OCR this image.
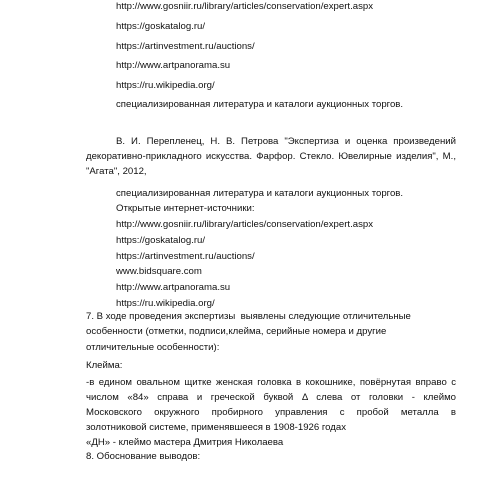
http://www.gosniir.ru/library/articles/conservation/expert.aspx
https://goskatalog.ru/
https://artinvestment.ru/auctions/
http://www.artpanorama.su
https://ru.wikipedia.org/
специализированная литература и каталоги аукционных торгов.
В. И. Перепленец, Н. В. Петрова "Экспертиза и оценка произведений
декоративно-прикладного искусства. Фарфор. Стекло. Ювелирные изделия", М.,
"Агата", 2012,
специализированная литература и каталоги аукционных торгов.
Открытые интернет-источники:
http://www.gosniir.ru/library/articles/conservation/expert.aspx
https://goskatalog.ru/
https://artinvestment.ru/auctions/
www.bidsquare.com
http://www.artpanorama.su
https://ru.wikipedia.org/
7. В ходе проведения экспертизы  выявлены следующие отличительные
особенности (отметки, подписи,клейма, серийные номера и другие
отличительные особенности):
Клейма:
-в едином овальном щитке женская головка в кокошнике, повёрнутая вправо с
числом «84» справа и греческой буквой Δ слева от головки - клеймо
Московского окружного пробирного управления с пробой металла в
золотниковой системе, применявшееся в 1908-1926 годах
«ДН» - клеймо мастера Дмитрия Николаева
8. Обоснование выводов:
